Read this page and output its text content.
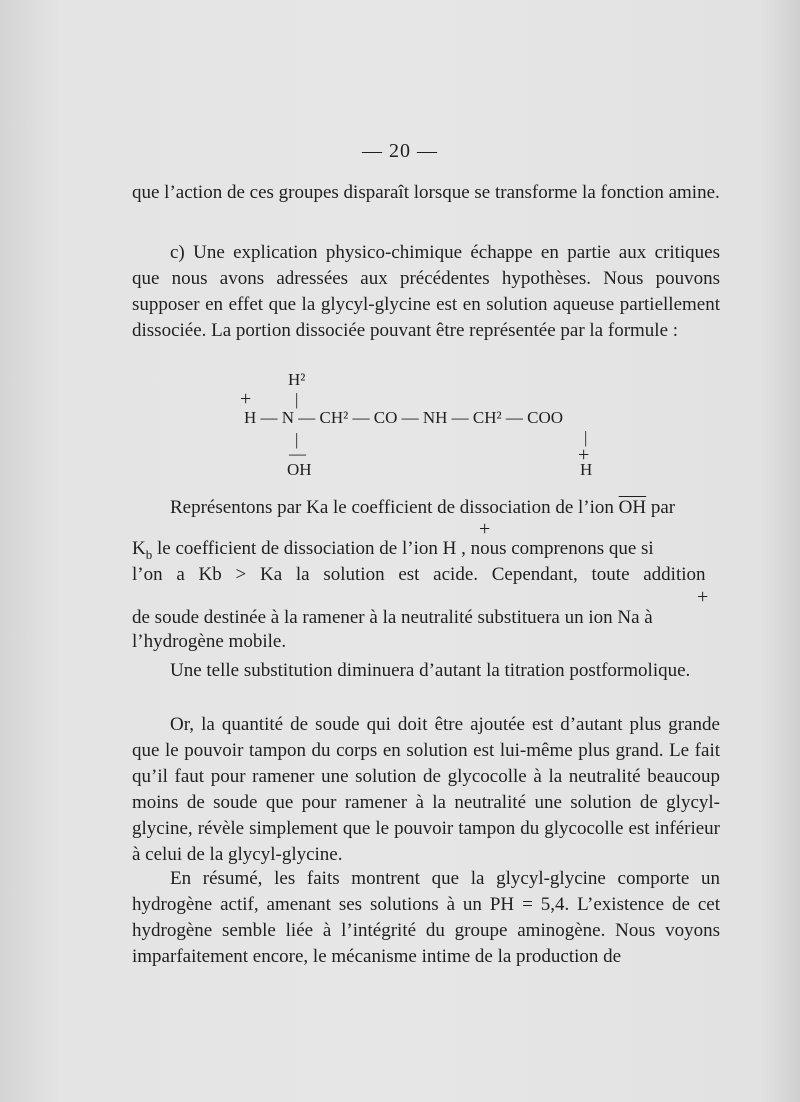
— 20 —

que l’action de ces groupes disparaît lorsque se transforme la fonction amine.

c) Une explication physico-chimique échappe en partie aux critiques que nous avons adressées aux précédentes hypothèses. Nous pouvons supposer en effet que la glycyl-glycine est en solution aqueuse partiellement dissociée. La portion dissociée pouvant être représentée par la formule :

H²
+	|
H — N — CH² — CO — NH — CH² — COO
|
—
OH
|
+
H
Représentons par Ka le coefficient de dissociation de l’ion $\overline{OH}$ par
+
$K_b$ le coefficient de dissociation de l’ion H , nous comprenons que si
l’on a Kb > Ka la solution est acide. Cependant, toute addition
+
de soude destinée à la ramener à la neutralité substituera un ion Na à
l’hydrogène mobile.

Une telle substitution diminuera d’autant la titration postformolique.

Or, la quantité de soude qui doit être ajoutée est d’autant plus grande que le pouvoir tampon du corps en solution est lui-même plus grand. Le fait qu’il faut pour ramener une solution de glycocolle à la neutralité beaucoup moins de soude que pour ramener à la neutralité une solution de glycyl-glycine, révèle simplement que le pouvoir tampon du glycocolle est inférieur à celui de la glycyl-glycine.

En résumé, les faits montrent que la glycyl-glycine comporte un hydrogène actif, amenant ses solutions à un PH = 5,4. L’existence de cet hydrogène semble liée à l’intégrité du groupe aminogène. Nous voyons imparfaitement encore, le mécanisme intime de la production de
